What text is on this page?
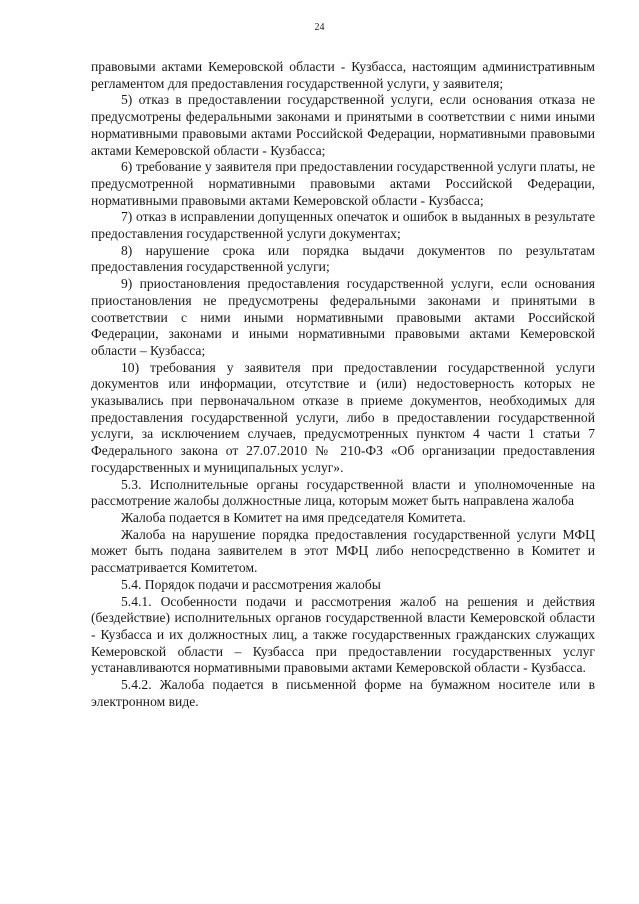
24

правовыми актами Кемеровской области - Кузбасса, настоящим административным регламентом для предоставления государственной услуги, у заявителя;

5) отказ в предоставлении государственной услуги, если основания отказа не предусмотрены федеральными законами и принятыми в соответствии с ними иными нормативными правовыми актами Российской Федерации, нормативными правовыми актами Кемеровской области - Кузбасса;

6) требование у заявителя при предоставлении государственной услуги платы, не предусмотренной нормативными правовыми актами Российской Федерации, нормативными правовыми актами Кемеровской области - Кузбасса;

7) отказ в исправлении допущенных опечаток и ошибок в выданных в результате предоставления государственной услуги документах;

8) нарушение срока или порядка выдачи документов по результатам предоставления государственной услуги;

9) приостановления предоставления государственной услуги, если основания приостановления не предусмотрены федеральными законами и принятыми в соответствии с ними иными нормативными правовыми актами Российской Федерации, законами и иными нормативными правовыми актами Кемеровской области – Кузбасса;

10) требования у заявителя при предоставлении государственной услуги документов или информации, отсутствие и (или) недостоверность которых не указывались при первоначальном отказе в приеме документов, необходимых для предоставления государственной услуги, либо в предоставлении государственной услуги, за исключением случаев, предусмотренных пунктом 4 части 1 статьи 7 Федерального закона от 27.07.2010 № 210-ФЗ «Об организации предоставления государственных и муниципальных услуг».

5.3. Исполнительные органы государственной власти и уполномоченные на рассмотрение жалобы должностные лица, которым может быть направлена жалоба

Жалоба подается в Комитет на имя председателя Комитета.

Жалоба на нарушение порядка предоставления государственной услуги МФЦ может быть подана заявителем в этот МФЦ либо непосредственно в Комитет и рассматривается Комитетом.

5.4. Порядок подачи и рассмотрения жалобы

5.4.1. Особенности подачи и рассмотрения жалоб на решения и действия (бездействие) исполнительных органов государственной власти Кемеровской области - Кузбасса и их должностных лиц, а также государственных гражданских служащих Кемеровской области – Кузбасса при предоставлении государственных услуг устанавливаются нормативными правовыми актами Кемеровской области - Кузбасса.

5.4.2. Жалоба подается в письменной форме на бумажном носителе или в электронном виде.
